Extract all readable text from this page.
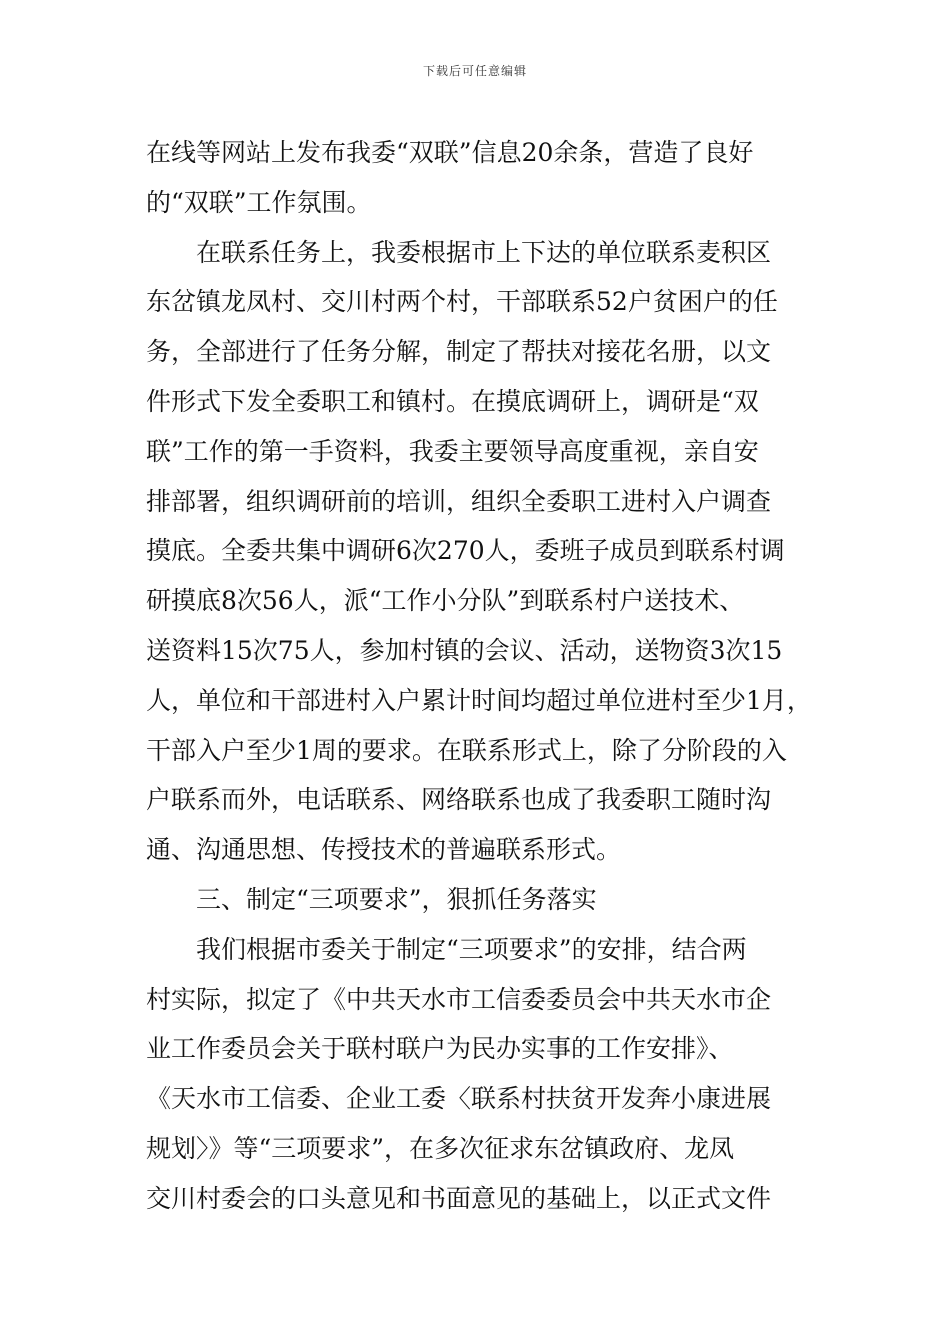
下载后可任意编辑
在线等网站上发布我委“双联”信息20余条，营造了良好
的“双联”工作氛围。
在联系任务上，我委根据市上下达的单位联系麦积区
东岔镇龙凤村、交川村两个村，干部联系52户贫困户的任
务，全部进行了任务分解，制定了帮扶对接花名册，以文
件形式下发全委职工和镇村。在摸底调研上，调研是“双
联”工作的第一手资料，我委主要领导高度重视，亲自安
排部署，组织调研前的培训，组织全委职工进村入户调查
摸底。全委共集中调研6次270人，委班子成员到联系村调
研摸底8次56人，派“工作小分队”到联系村户送技术、
送资料15次75人，参加村镇的会议、活动，送物资3次15
人，单位和干部进村入户累计时间均超过单位进村至少1月，
干部入户至少1周的要求。在联系形式上，除了分阶段的入
户联系而外，电话联系、网络联系也成了我委职工随时沟
通、沟通思想、传授技术的普遍联系形式。
三、制定“三项要求”，狠抓任务落实
我们根据市委关于制定“三项要求”的安排，结合两
村实际，拟定了《中共天水市工信委委员会中共天水市企
业工作委员会关于联村联户为民办实事的工作安排》、
《天水市工信委、企业工委〈联系村扶贫开发奔小康进展
规划〉》等“三项要求”，在多次征求东岔镇政府、龙凤
交川村委会的口头意见和书面意见的基础上，以正式文件
